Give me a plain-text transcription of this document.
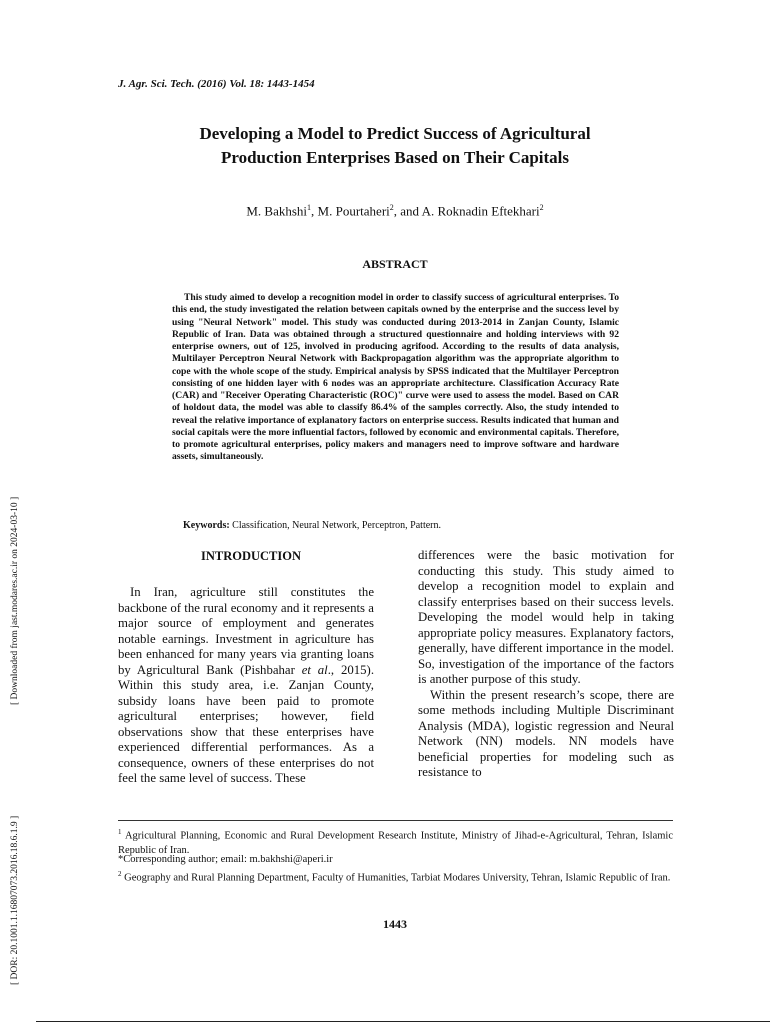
J. Agr. Sci. Tech. (2016) Vol. 18: 1443-1454
Developing a Model to Predict Success of Agricultural
Production Enterprises Based on Their Capitals
M. Bakhshi$^1$, M. Pourtaheri$^2$, and A. Roknadin Eftekhari$^2$
ABSTRACT
This study aimed to develop a recognition model in order to classify success of agricultural enterprises. To this end, the study investigated the relation between capitals owned by the enterprise and the success level by using "Neural Network" model. This study was conducted during 2013-2014 in Zanjan County, Islamic Republic of Iran. Data was obtained through a structured questionnaire and holding interviews with 92 enterprise owners, out of 125, involved in producing agrifood. According to the results of data analysis, Multilayer Perceptron Neural Network with Backpropagation algorithm was the appropriate algorithm to cope with the whole scope of the study. Empirical analysis by SPSS indicated that the Multilayer Perceptron consisting of one hidden layer with 6 nodes was an appropriate architecture. Classification Accuracy Rate (CAR) and "Receiver Operating Characteristic (ROC)" curve were used to assess the model. Based on CAR of holdout data, the model was able to classify 86.4% of the samples correctly. Also, the study intended to reveal the relative importance of explanatory factors on enterprise success. Results indicated that human and social capitals were the more influential factors, followed by economic and environmental capitals. Therefore, to promote agricultural enterprises, policy makers and managers need to improve software and hardware assets, simultaneously.
Keywords: Classification, Neural Network, Perceptron, Pattern.
INTRODUCTION
In Iran, agriculture still constitutes the backbone of the rural economy and it represents a major source of employment and generates notable earnings. Investment in agriculture has been enhanced for many years via granting loans by Agricultural Bank (Pishbahar et al., 2015). Within this study area, i.e. Zanjan County, subsidy loans have been paid to promote agricultural enterprises; however, field observations show that these enterprises have experienced differential performances. As a consequence, owners of these enterprises do not feel the same level of success. These
differences were the basic motivation for conducting this study. This study aimed to develop a recognition model to explain and classify enterprises based on their success levels. Developing the model would help in taking appropriate policy measures. Explanatory factors, generally, have different importance in the model. So, investigation of the importance of the factors is another purpose of this study.
Within the present research’s scope, there are some methods including Multiple Discriminant Analysis (MDA), logistic regression and Neural Network (NN) models. NN models have beneficial properties for modeling such as resistance to
$^1$ Agricultural Planning, Economic and Rural Development Research Institute, Ministry of Jihad-e-Agricultural, Tehran, Islamic Republic of Iran.
*Corresponding author; email: m.bakhshi@aperi.ir
$^2$ Geography and Rural Planning Department, Faculty of Humanities, Tarbiat Modares University, Tehran, Islamic Republic of Iran.
1443
[ Downloaded from jast.modares.ac.ir on 2024-03-10 ]
[ DOR: 20.1001.1.16807073.2016.18.6.1.9 ]
